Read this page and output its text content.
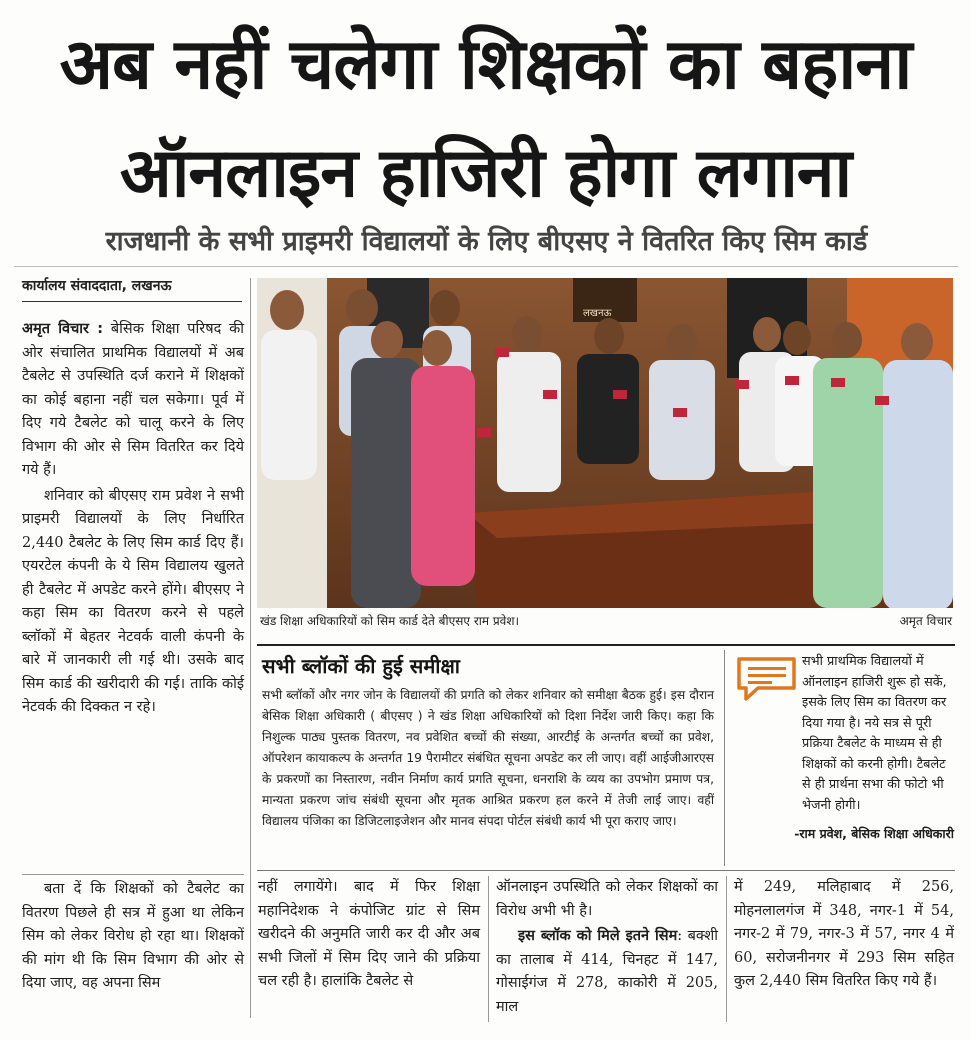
अब नहीं चलेगा शिक्षकों का बहाना
ऑनलाइन हाजिरी होगा लगाना
राजधानी के सभी प्राइमरी विद्यालयों के लिए बीएसए ने वितरित किए सिम कार्ड
कार्यालय संवाददाता, लखनऊ

अमृत विचार : बेसिक शिक्षा परिषद की ओर संचालित प्राथमिक विद्यालयों में अब टैबलेट से उपस्थिति दर्ज कराने में शिक्षकों का कोई बहाना नहीं चल सकेगा। पूर्व में दिए गये टैबलेट को चालू करने के लिए विभाग की ओर से सिम वितरित कर दिये गये हैं।

शनिवार को बीएसए राम प्रवेश ने सभी प्राइमरी विद्यालयों के लिए निर्धारित 2,440 टैबलेट के लिए सिम कार्ड दिए हैं। एयरटेल कंपनी के ये सिम विद्यालय खुलते ही टैबलेट में अपडेट करने होंगे। बीएसए ने कहा सिम का वितरण करने से पहले ब्लॉकों में बेहतर नेटवर्क वाली कंपनी के बारे में जानकारी ली गई थी। उसके बाद सिम कार्ड की खरीदारी की गई। ताकि कोई नेटवर्क की दिक्कत न रहे।

बता दें कि शिक्षकों को टैबलेट का वितरण पिछले ही सत्र में हुआ था लेकिन सिम को लेकर विरोध हो रहा था। शिक्षकों की मांग थी कि सिम विभाग की ओर से दिया जाए, वह अपना सिम

लखनऊ
खंड शिक्षा अधिकारियों को सिम कार्ड देते बीएसए राम प्रवेश।	अमृत विचार
सभी ब्लॉकों की हुई समीक्षा
सभी ब्लॉकों और नगर जोन के विद्यालयों की प्रगति को लेकर शनिवार को समीक्षा बैठक हुई। इस दौरान बेसिक शिक्षा अधिकारी ( बीएसए ) ने खंड शिक्षा अधिकारियों को दिशा निर्देश जारी किए। कहा कि निशुल्क पाठ्य पुस्तक वितरण, नव प्रवेशित बच्चों की संख्या, आरटीई के अन्तर्गत बच्चों का प्रवेश, ऑपरेशन कायाकल्प के अन्तर्गत 19 पैरामीटर संबंधित सूचना अपडेट कर ली जाए। वहीं आईजीआरएस के प्रकरणों का निस्तारण, नवीन निर्माण कार्य प्रगति सूचना, धनराशि के व्यय का उपभोग प्रमाण पत्र, मान्यता प्रकरण जांच संबंधी सूचना और मृतक आश्रित प्रकरण हल करने में तेजी लाई जाए। वहीं विद्यालय पंजिका का डिजिटलाइजेशन और मानव संपदा पोर्टल संबंधी कार्य भी पूरा कराए जाए।
सभी प्राथमिक विद्यालयों में ऑनलाइन हाजिरी शुरू हो सकें, इसके लिए सिम का वितरण कर दिया गया है। नये सत्र से पूरी प्रक्रिया टैबलेट के माध्यम से ही शिक्षकों को करनी होगी। टैबलेट से ही प्रार्थना सभा की फोटो भी भेजनी होगी।
-राम प्रवेश, बेसिक शिक्षा अधिकारी

नहीं लगायेंगे। बाद में फिर शिक्षा महानिदेशक ने कंपोजिट ग्रांट से सिम खरीदने की अनुमति जारी कर दी और अब सभी जिलों में सिम दिए जाने की प्रक्रिया चल रही है। हालांकि टैबलेट से

ऑनलाइन उपस्थिति को लेकर शिक्षकों का विरोध अभी भी है।

इस ब्लॉक को मिले इतने सिम: बक्शी का तालाब में 414, चिनहट में 147, गोसाईगंज में 278, काकोरी में 205, माल

में 249, मलिहाबाद में 256, मोहनलालगंज में 348, नगर-1 में 54, नगर-2 में 79, नगर-3 में 57, नगर 4 में 60, सरोजनीनगर में 293 सिम सहित कुल 2,440 सिम वितरित किए गये हैं।
